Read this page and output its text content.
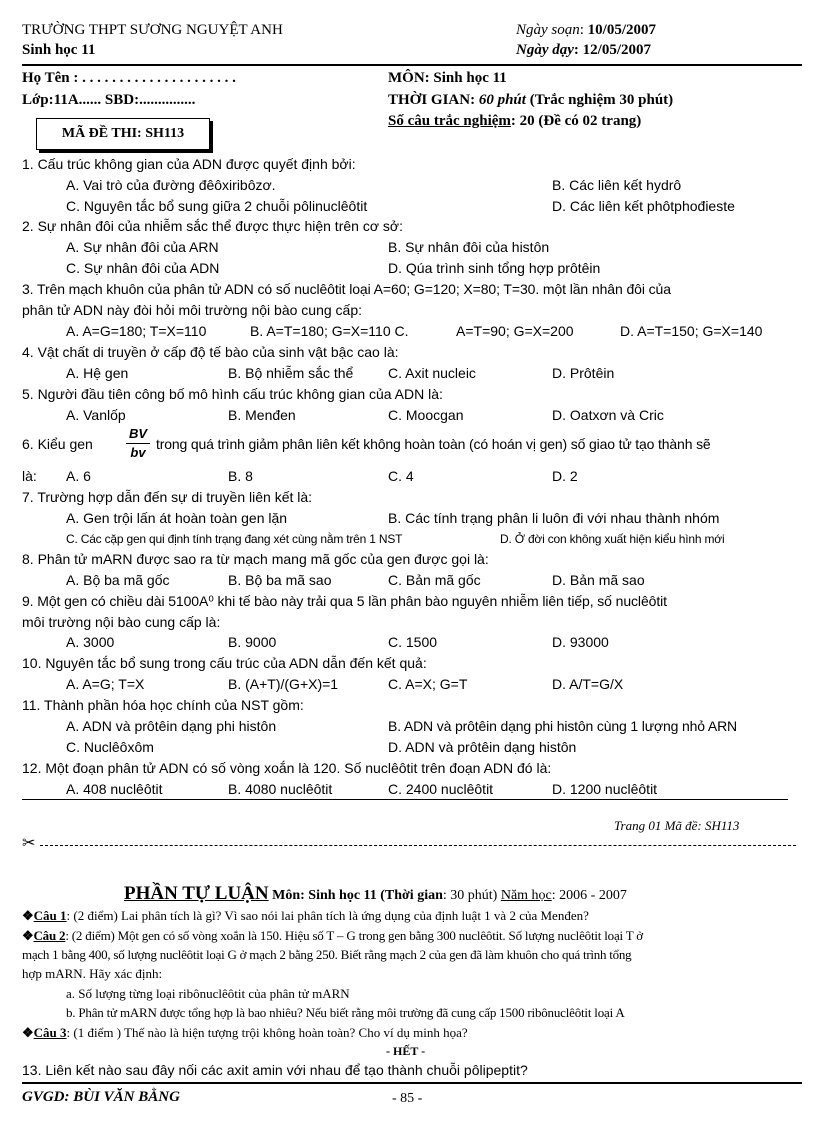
TRƯỜNG THPT SƯƠNG NGUYỆT ANH
Sinh học 11
Ngày soạn: 10/05/2007
Ngày dạy: 12/05/2007
Họ Tên : . . . . . . . . . . . . . . . . . . . . .
Lớp:11A...... SBD:...............
MÔN: Sinh học 11
THỜI GIAN: 60 phút (Trắc nghiệm 30 phút)
Số câu trắc nghiệm: 20 (Đề có 02 trang)
MÃ ĐỀ THI: SH113
1. Cấu trúc không gian của ADN được quyết định bởi:
A. Vai trò của đường đêôxiribôzơ.	B. Các liên kết hydrô
C. Nguyên tắc bổ sung giữa 2 chuỗi pôlinuclêôtit	D. Các liên kết phôtphođieste
2. Sự nhân đôi của nhiễm sắc thể được thực hiện trên cơ sở:
A. Sự nhân đôi của ARN	B. Sự nhân đôi của histôn
C. Sự nhân đôi của ADN	D. Qúa trình sinh tổng hợp prôtêin
3. Trên mạch khuôn của phân tử ADN có số nuclêôtit loại A=60; G=120; X=80; T=30. một lần nhân đôi của
phân tử ADN này đòi hỏi môi trường nội bào cung cấp:
A. A=G=180; T=X=110	B. A=T=180; G=X=110 C.	A=T=90; G=X=200	D. A=T=150; G=X=140
4. Vật chất di truyền ở cấp độ tế bào của sinh vật bậc cao là:
A. Hệ gen	B. Bộ nhiễm sắc thể C. Axit nucleic	D. Prôtêin
5. Người đầu tiên công bố mô hình cấu trúc không gian của ADN là:
A. Vanlốp	B. Menđen	C. Moocgan	D. Oatxơn và Cric
6. Kiểu gen
BV
bv
trong quá trình giảm phân liên kết không hoàn toàn (có hoán vị gen) số giao tử tạo thành sẽ
là: A. 6	B. 8	C. 4	D. 2
7. Trường hợp dẫn đến sự di truyền liên kết là:
A. Gen trội lấn át hoàn toàn gen lặn	B. Các tính trạng phân li luôn đi với nhau thành nhóm
C. Các cặp gen qui định tính trạng đang xét cùng nằm trên 1 NST	D. Ở đời con không xuất hiện kiểu hình mới
8. Phân tử mARN được sao ra từ mạch mang mã gốc của gen được gọi là:
A. Bộ ba mã gốc	B. Bộ ba mã sao	C. Bản mã gốc	D. Bản mã sao
9. Một gen có chiều dài 5100A⁰ khi tế bào này trải qua 5 lần phân bào nguyên nhiễm liên tiếp, số nuclêôtit
môi trường nội bào cung cấp là:
A. 3000	B. 9000	C. 1500	D. 93000
10. Nguyên tắc bổ sung trong cấu trúc của ADN dẫn đến kết quả:
A. A=G; T=X	B. (A+T)/(G+X)=1	C. A=X; G=T	D. A/T=G/X
11. Thành phần hóa học chính của NST gồm:
A. ADN và prôtêin dạng phi histôn	B. ADN và prôtêin dạng phi histôn cùng 1 lượng nhỏ ARN
C. Nuclêôxôm	D. ADN và prôtêin dạng histôn
12. Một đoạn phân tử ADN có số vòng xoắn là 120. Số nuclêôtit trên đoạn ADN đó là:
A. 408 nuclêôtit	B. 4080 nuclêôtit	C. 2400 nuclêôtit	D. 1200 nuclêôtit
Trang 01 Mã đề: SH113
✂
PHẦN TỰ LUẬN Môn: Sinh học 11 (Thời gian: 30 phút) Năm học: 2006 - 2007
❖Câu 1: (2 điểm) Lai phân tích là gì? Vì sao nói lai phân tích là ứng dụng của định luật 1 và 2 của Menđen?
❖Câu 2: (2 điểm) Một gen có số vòng xoắn là 150. Hiệu số T – G trong gen bằng 300 nuclêôtit. Số lượng nuclêôtit loại T ở
mạch 1 bằng 400, số lượng nuclêôtit loại G ở mạch 2 bằng 250. Biết rằng mạch 2 của gen đã làm khuôn cho quá trình tổng
hợp mARN. Hãy xác định:
a. Số lượng từng loại ribônuclêôtit của phân tử mARN
b. Phân tử mARN được tổng hợp là bao nhiêu? Nếu biết rằng môi trường đã cung cấp 1500 ribônuclêôtit loại A
❖Câu 3: (1 điểm ) Thế nào là hiện tượng trội không hoàn toàn? Cho ví dụ minh họa?
- HẾT -
13. Liên kết nào sau đây nối các axit amin với nhau để tạo thành chuỗi pôlipeptit?
GVGD: BÙI VĂN BẰNG	- 85 -
